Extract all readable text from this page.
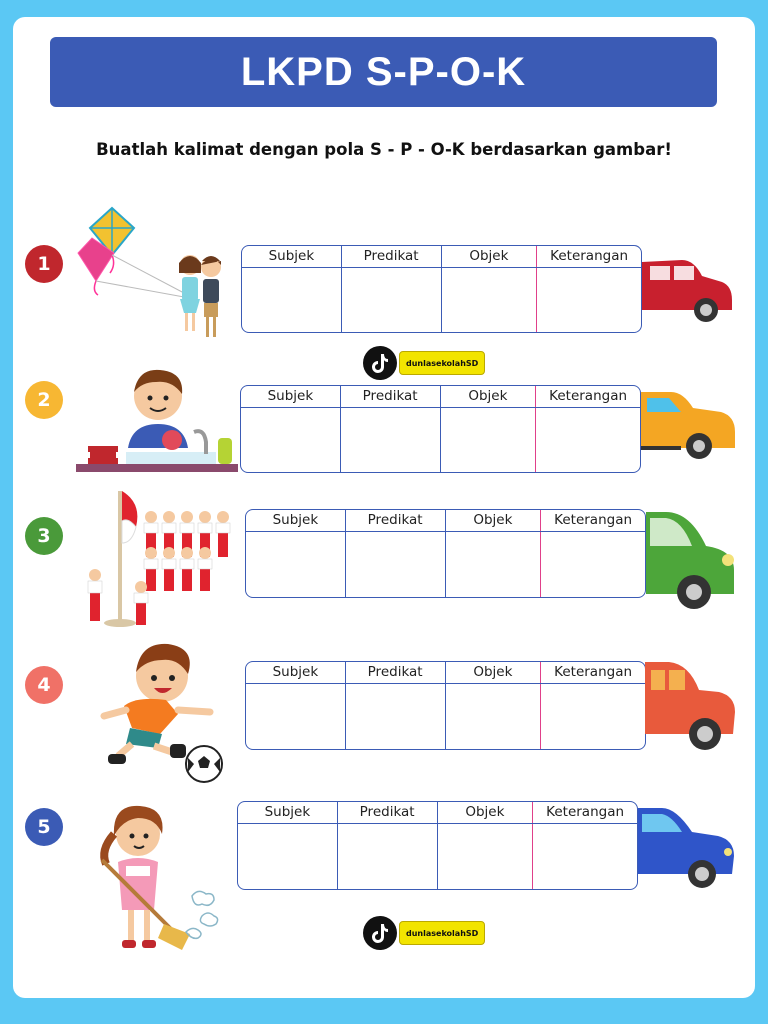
LKPD S-P-O-K
Buatlah kalimat dengan pola S - P - O-K berdasarkan gambar!
1	Subjek	Predikat	Objek	Keterangan
dunlasekolahSD
2	Subjek	Predikat	Objek	Keterangan
3
Subjek	Predikat	Objek	Keterangan
4
Subjek	Predikat	Objek	Keterangan
5
Subjek	Predikat	Objek	Keterangan
dunlasekolahSD
